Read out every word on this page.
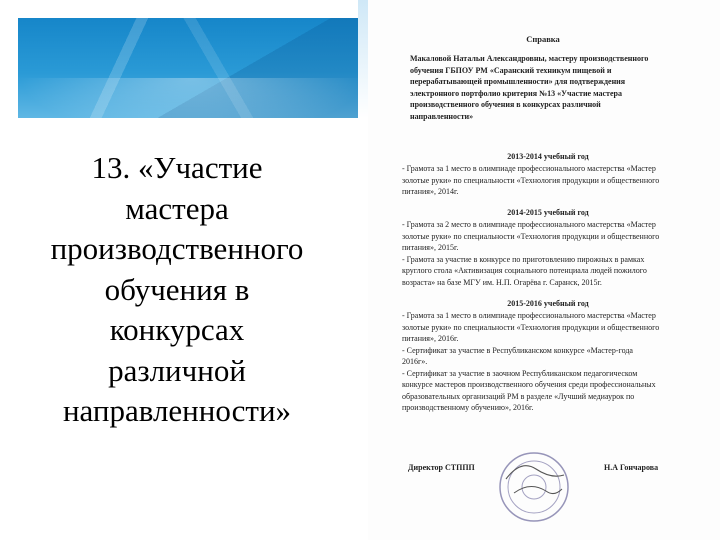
13. «Участие
мастера
производственного
обучения в
конкурсах
различной
направленности»
Справка
Макаловой Натальи Александровны, мастеру производственного
обучения ГБПОУ РМ «Саранский техникум пищевой и
перерабатывающей промышленности» для подтверждения
электронного портфолио критерия №13 «Участие мастера
производственного обучения в конкурсах различной
направленности»
2013-2014 учебный год
- Грамота за 1 место в олимпиаде профессионального мастерства «Мастер
золотые руки» по специальности «Технология продукции и общественного
питания», 2014г.
2014-2015 учебный год
- Грамота за 2 место в олимпиаде профессионального мастерства «Мастер
золотые руки» по специальности «Технология продукции и общественного
питания», 2015г.
- Грамота за участие в конкурсе по приготовлению пирожных в рамках
круглого стола «Активизация социального потенциала людей пожилого
возраста» на базе МГУ им. Н.П. Огарёва г. Саранск, 2015г.
2015-2016 учебный год
- Грамота за 1 место в олимпиаде профессионального мастерства «Мастер
золотые руки» по специальности «Технология продукции и общественного
питания», 2016г.
- Сертификат за участие в Республиканском конкурсе «Мастер-года
2016г».
- Сертификат за участие в заочном Республиканском педагогическом
конкурсе мастеров производственного обучения среди профессиональных
образовательных организаций РМ в разделе «Лучший медиаурок по
производственному обучению», 2016г.
Директор СТППП	Н.А Гончарова
